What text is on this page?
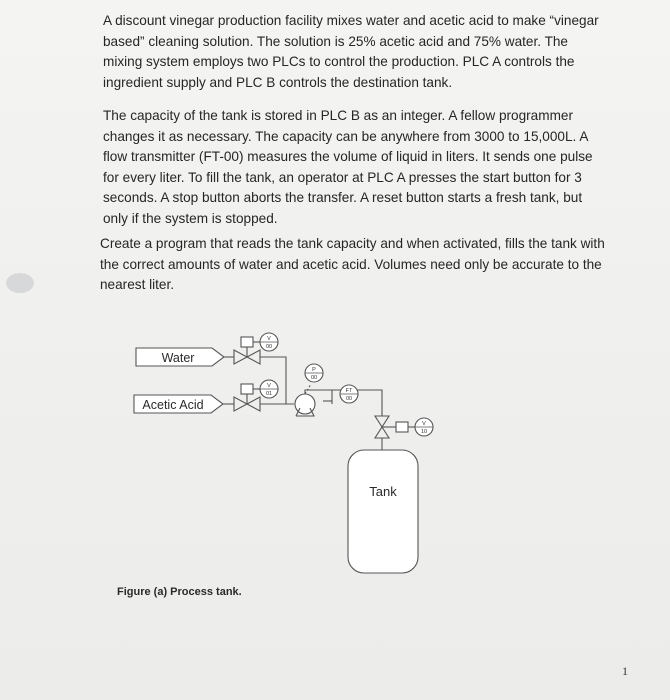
A discount vinegar production facility mixes water and acetic acid to make “vinegar based” cleaning solution. The solution is 25% acetic acid and 75% water. The mixing system employs two PLCs to control the production. PLC A controls the ingredient supply and PLC B controls the destination tank.

The capacity of the tank is stored in PLC B as an integer. A fellow programmer changes it as necessary. The capacity can be anywhere from 3000 to 15,000L. A flow transmitter (FT-00) measures the volume of liquid in liters. It sends one pulse for every liter. To fill the tank, an operator at PLC A presses the start button for 3 seconds. A stop button aborts the transfer. A reset button starts a fresh tank, but only if the system is stopped.

Create a program that reads the tank capacity and when activated, fills the tank with the correct amounts of water and acetic acid. Volumes need only be accurate to the nearest liter.

Water
V
00
Acetic Acid
V
01
P
00
FT
00
V
10
Tank
Figure (a) Process tank.
1
